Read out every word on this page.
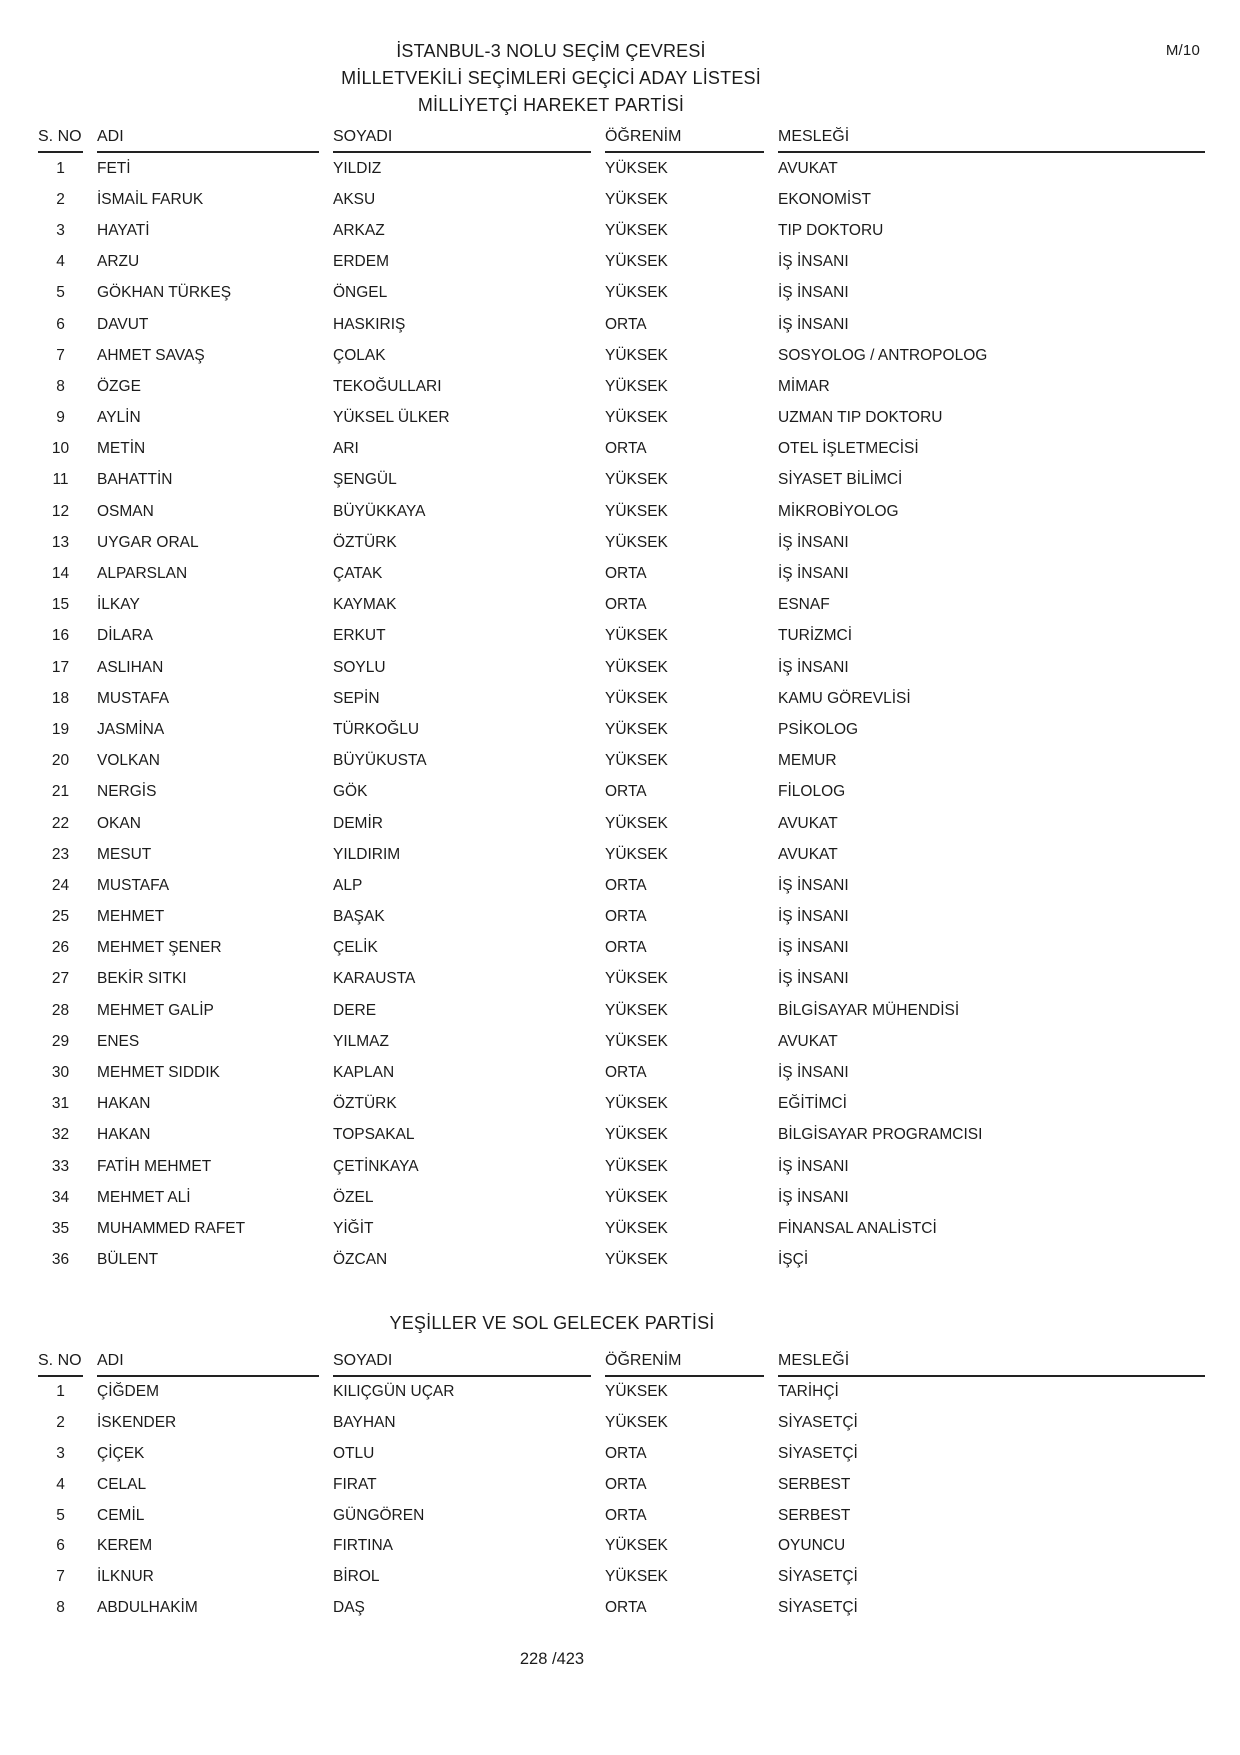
M/10
İSTANBUL-3 NOLU SEÇİM ÇEVRESİ
MİLLETVEKİLİ SEÇİMLERİ GEÇİCİ ADAY LİSTESİ
MİLLİYETÇİ HAREKET PARTİSİ
S. NO	ADI	SOYADI	ÖĞRENİM	MESLEĞİ
1	FETİ	YILDIZ	YÜKSEK	AVUKAT
2	İSMAİL FARUK	AKSU	YÜKSEK	EKONOMİST
3	HAYATİ	ARKAZ	YÜKSEK	TIP DOKTORU
4	ARZU	ERDEM	YÜKSEK	İŞ İNSANI
5	GÖKHAN TÜRKEŞ	ÖNGEL	YÜKSEK	İŞ İNSANI
6	DAVUT	HASKIRIŞ	ORTA	İŞ İNSANI
7	AHMET SAVAŞ	ÇOLAK	YÜKSEK	SOSYOLOG / ANTROPOLOG
8	ÖZGE	TEKOĞULLARI	YÜKSEK	MİMAR
9	AYLİN	YÜKSEL ÜLKER	YÜKSEK	UZMAN TIP DOKTORU
10	METİN	ARI	ORTA	OTEL İŞLETMECİSİ
11	BAHATTİN	ŞENGÜL	YÜKSEK	SİYASET BİLİMCİ
12	OSMAN	BÜYÜKKAYA	YÜKSEK	MİKROBİYOLOG
13	UYGAR ORAL	ÖZTÜRK	YÜKSEK	İŞ İNSANI
14	ALPARSLAN	ÇATAK	ORTA	İŞ İNSANI
15	İLKAY	KAYMAK	ORTA	ESNAF
16	DİLARA	ERKUT	YÜKSEK	TURİZMCİ
17	ASLIHAN	SOYLU	YÜKSEK	İŞ İNSANI
18	MUSTAFA	SEPİN	YÜKSEK	KAMU GÖREVLİSİ
19	JASMİNA	TÜRKOĞLU	YÜKSEK	PSİKOLOG
20	VOLKAN	BÜYÜKUSTA	YÜKSEK	MEMUR
21	NERGİS	GÖK	ORTA	FİLOLOG
22	OKAN	DEMİR	YÜKSEK	AVUKAT
23	MESUT	YILDIRIM	YÜKSEK	AVUKAT
24	MUSTAFA	ALP	ORTA	İŞ İNSANI
25	MEHMET	BAŞAK	ORTA	İŞ İNSANI
26	MEHMET ŞENER	ÇELİK	ORTA	İŞ İNSANI
27	BEKİR SITKI	KARAUSTA	YÜKSEK	İŞ İNSANI
28	MEHMET GALİP	DERE	YÜKSEK	BİLGİSAYAR MÜHENDİSİ
29	ENES	YILMAZ	YÜKSEK	AVUKAT
30	MEHMET SIDDIK	KAPLAN	ORTA	İŞ İNSANI
31	HAKAN	ÖZTÜRK	YÜKSEK	EĞİTİMCİ
32	HAKAN	TOPSAKAL	YÜKSEK	BİLGİSAYAR PROGRAMCISI
33	FATİH MEHMET	ÇETİNKAYA	YÜKSEK	İŞ İNSANI
34	MEHMET ALİ	ÖZEL	YÜKSEK	İŞ İNSANI
35	MUHAMMED RAFET	YİĞİT	YÜKSEK	FİNANSAL ANALİSTCİ
36	BÜLENT	ÖZCAN	YÜKSEK	İŞÇİ
YEŞİLLER VE SOL GELECEK PARTİSİ
S. NO	ADI	SOYADI	ÖĞRENİM	MESLEĞİ
1	ÇİĞDEM	KILIÇGÜN UÇAR	YÜKSEK	TARİHÇİ
2	İSKENDER	BAYHAN	YÜKSEK	SİYASETÇİ
3	ÇİÇEK	OTLU	ORTA	SİYASETÇİ
4	CELAL	FIRAT	ORTA	SERBEST
5	CEMİL	GÜNGÖREN	ORTA	SERBEST
6	KEREM	FIRTINA	YÜKSEK	OYUNCU
7	İLKNUR	BİROL	YÜKSEK	SİYASETÇİ
8	ABDULHAKİM	DAŞ	ORTA	SİYASETÇİ
228 /423
